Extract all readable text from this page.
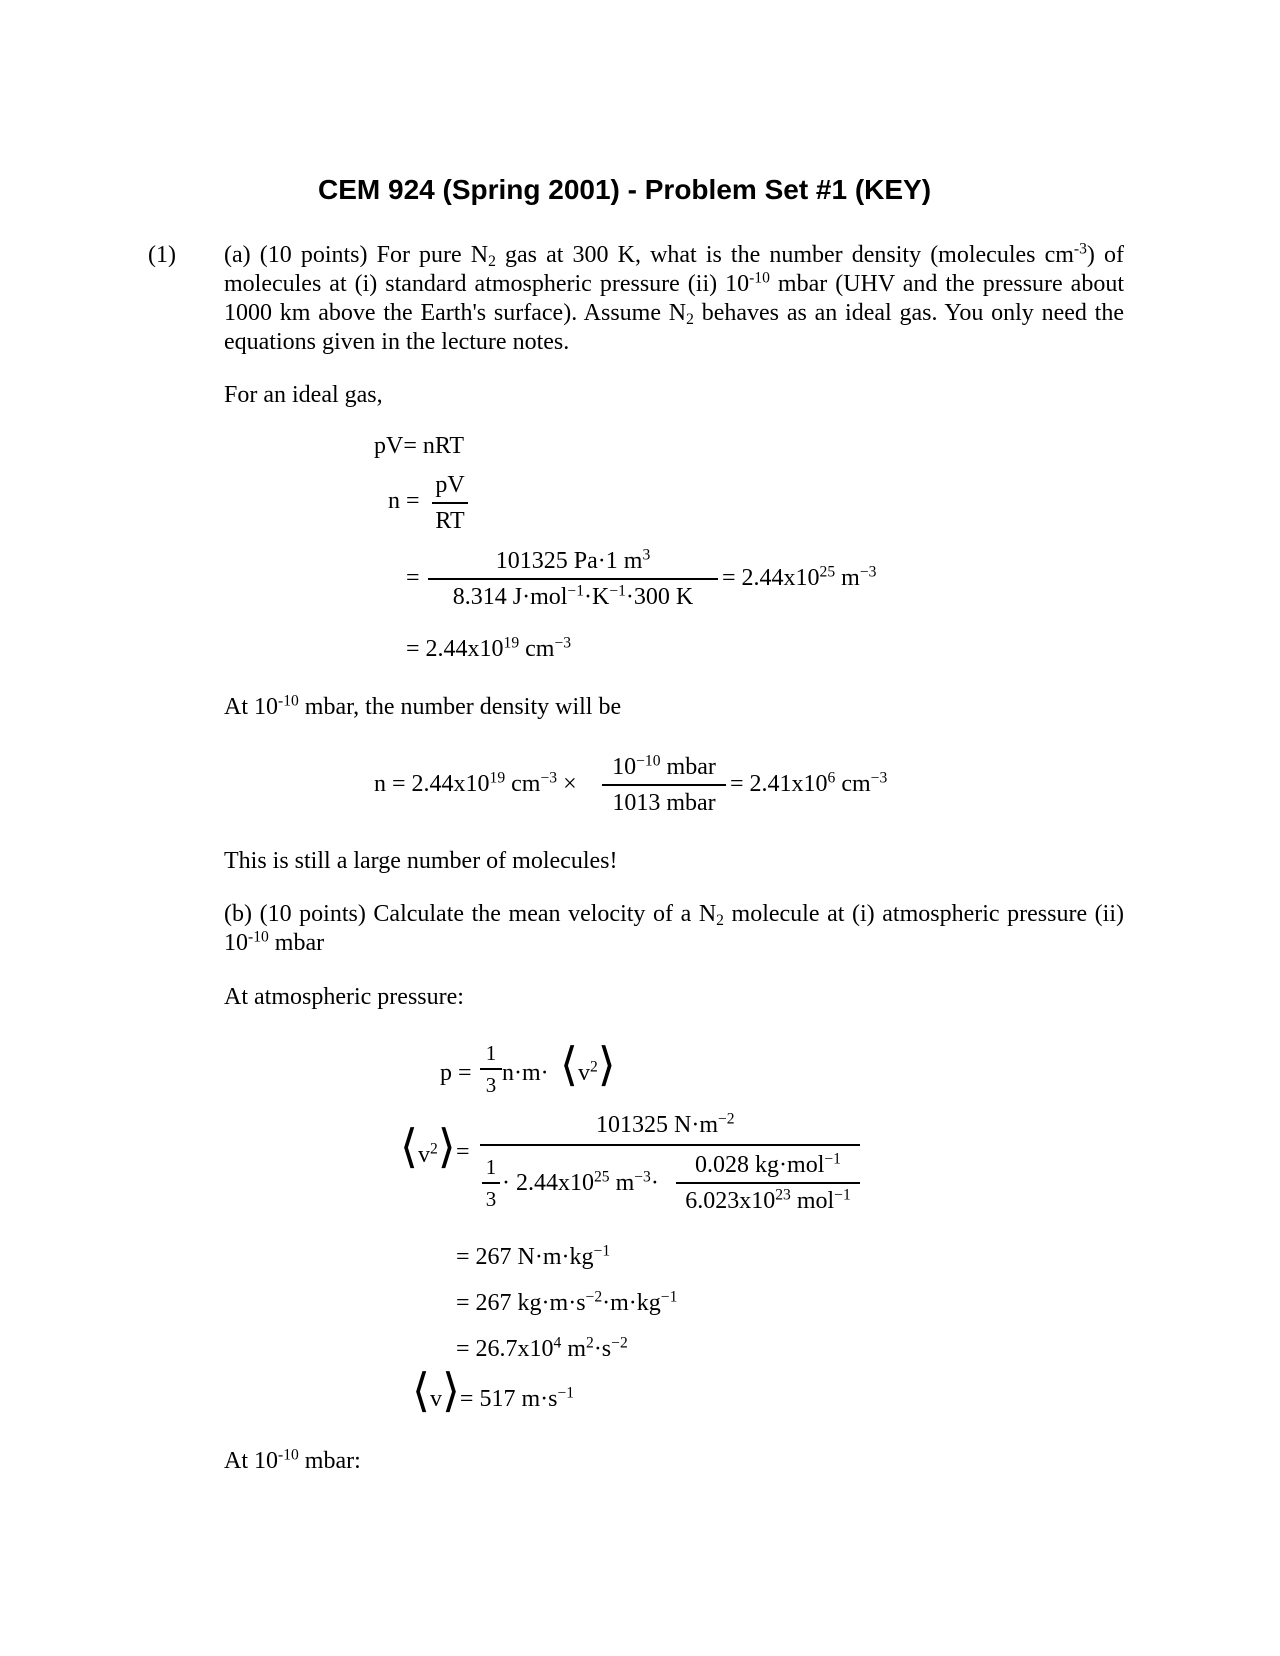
CEM 924 (Spring 2001) - Problem Set #1 (KEY)
(1) (a) (10 points) For pure $N_2$ gas at 300 K, what is the number density (molecules $cm^{-3}$) of molecules at (i) standard atmospheric pressure (ii) $10^{-10}$ mbar (UHV and the pressure about 1000 km above the Earth's surface). Assume $N_2$ behaves as an ideal gas. You only need the equations given in the lecture notes.
For an ideal gas,
pV= nRT
n =
pV
RT
=
101325 Pa·1 $m^3$
8.314 $J\cdot mol^{-1}\cdot K^{-1}\cdot 300$ K
= $2.44x10^{25}$ $m^{-3}$
= $2.44x10^{19}$ $cm^{-3}$
At $10^{-10}$ mbar, the number density will be
$n = 2.44x10^{19}$ $cm^{-3}$ ×
$10^{-10}$ mbar
1013 mbar
= $2.41x10^6$ $cm^{-3}$
This is still a large number of molecules!
(b) (10 points) Calculate the mean velocity of a $N_2$ molecule at (i) atmospheric pressure (ii) $10^{-10}$ mbar
At atmospheric pressure:
p =
1
3 $n\cdot m\cdot ⟨v^2⟩$
$⟨v^2⟩$ =
101325 $N\cdot m^{-2}$
1
3
· $2.44x10^{25}$ $m^{-3}\cdot$
0.028 kg·mol$^{-1}$
$6.023x10^{23}$ mol$^{-1}$
= 267 $N\cdot m\cdot kg^{-1}$
= 267 $kg\cdot m\cdot s^{-2}\cdot m\cdot kg^{-1}$
= $26.7x10^4$ $m^2\cdot s^{-2}$
⟨v⟩= 517 $m\cdot s^{-1}$
At $10^{-10}$ mbar:
